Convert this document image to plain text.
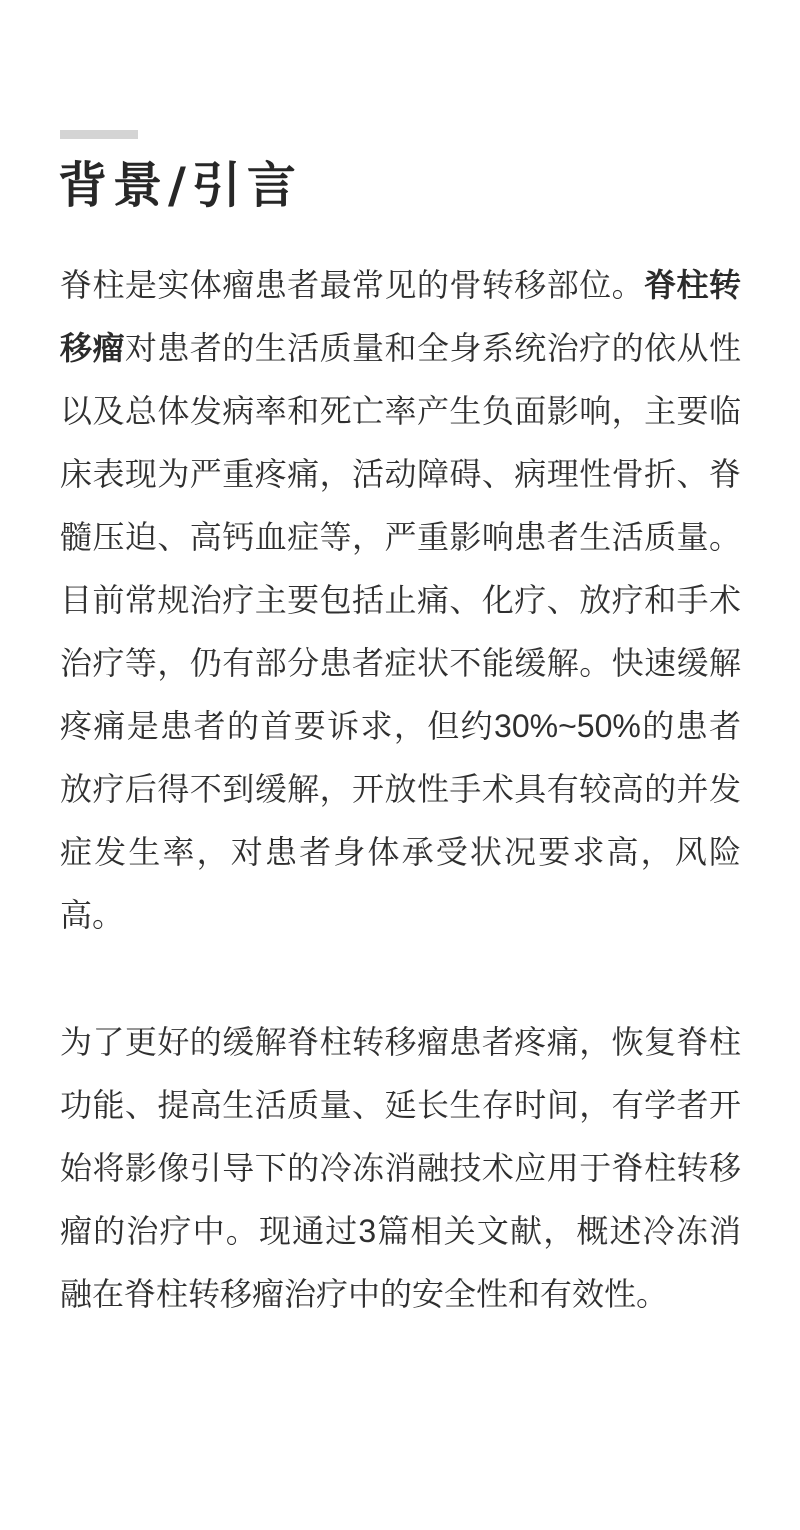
背景/引言

脊柱是实体瘤患者最常见的骨转移部位。脊柱转移瘤对患者的生活质量和全身系统治疗的依从性以及总体发病率和死亡率产生负面影响，主要临床表现为严重疼痛，活动障碍、病理性骨折、脊髓压迫、高钙血症等，严重影响患者生活质量。目前常规治疗主要包括止痛、化疗、放疗和手术治疗等，仍有部分患者症状不能缓解。快速缓解疼痛是患者的首要诉求，但约30%~50%的患者放疗后得不到缓解，开放性手术具有较高的并发症发生率，对患者身体承受状况要求高，风险高。

为了更好的缓解脊柱转移瘤患者疼痛，恢复脊柱功能、提高生活质量、延长生存时间，有学者开始将影像引导下的冷冻消融技术应用于脊柱转移瘤的治疗中。现通过3篇相关文献，概述冷冻消融在脊柱转移瘤治疗中的安全性和有效性。
